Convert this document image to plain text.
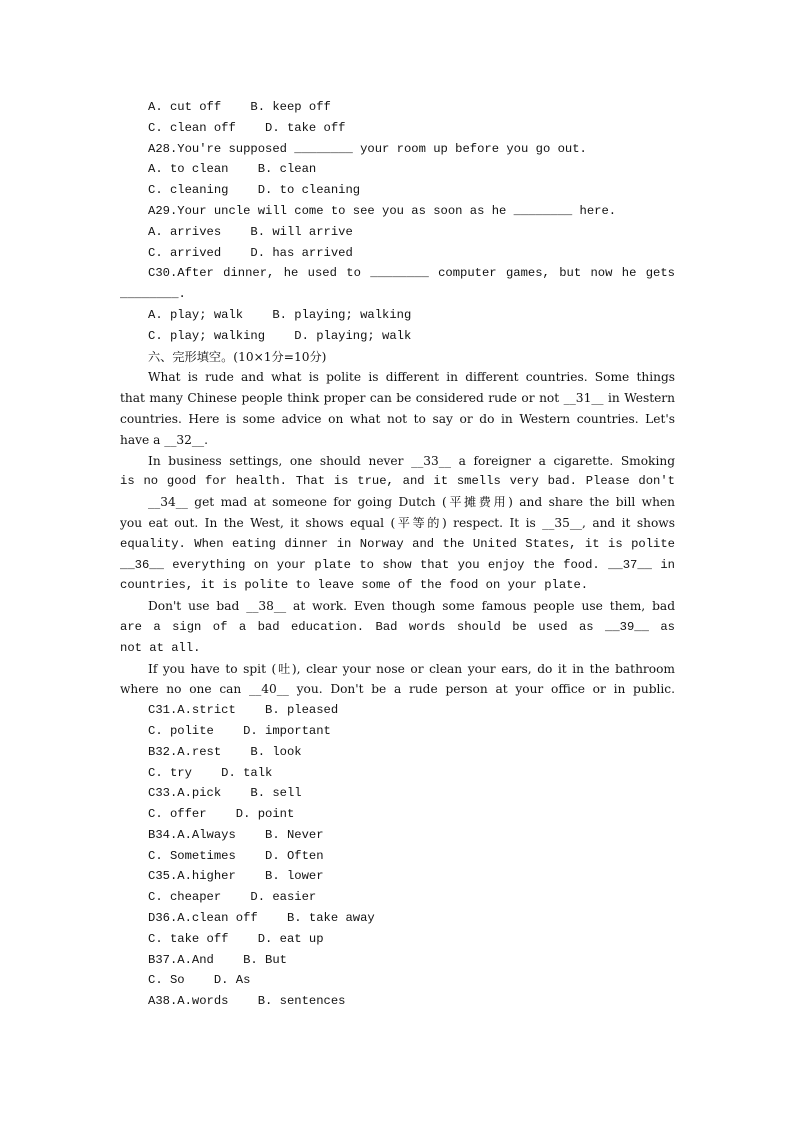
A. cut off    B. keep off
C. clean off    D. take off
A28.You're supposed ________ your room up before you go out.
A. to clean    B. clean
C. cleaning    D. to cleaning
A29.Your uncle will come to see you as soon as he ________ here.
A. arrives    B. will arrive
C. arrived    D. has arrived
C30.After dinner, he used to ________ computer games, but now he gets
________.
A. play; walk    B. playing; walking
C. play; walking    D. playing; walk
六、完形填空。(10×1分=10分)
What is rude and what is polite is different in different countries. Some things
that many Chinese people think proper can be considered rude or not __31__ in Western
countries. Here is some advice on what not to say or do in Western countries. Let's
have a __32__.
In business settings, one should never __33__ a foreigner a cigarette. Smoking
is no good for health. That is true, and it smells very bad. Please don't
__34__ get mad at someone for going Dutch (平摊费用) and share the bill when
you eat out. In the West, it shows equal (平等的) respect. It is __35__, and it shows
equality. When eating dinner in Norway and the United States, it is polite
__36__ everything on your plate to show that you enjoy the food. __37__ in
countries, it is polite to leave some of the food on your plate.
Don't use bad __38__ at work. Even though some famous people use them, bad
are a sign of a bad education. Bad words should be used as __39__ as
not at all.
If you have to spit (吐), clear your nose or clean your ears, do it in the bathroom
where no one can __40__ you. Don't be a rude person at your office or in public.
C31.A.strict    B. pleased
C. polite    D. important
B32.A.rest    B. look
C. try    D. talk
C33.A.pick    B. sell
C. offer    D. point
B34.A.Always    B. Never
C. Sometimes    D. Often
C35.A.higher    B. lower
C. cheaper    D. easier
D36.A.clean off    B. take away
C. take off    D. eat up
B37.A.And    B. But
C. So    D. As
A38.A.words    B. sentences
